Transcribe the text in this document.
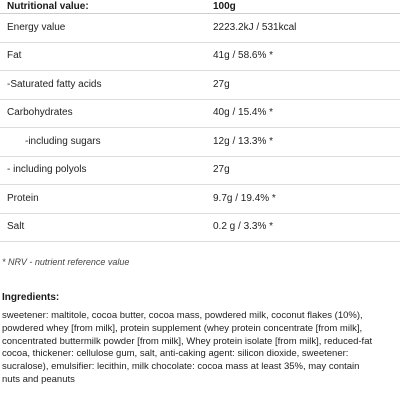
Nutritional value:	100g
Energy value	2223.2kJ / 531kcal
Fat	41g / 58.6% *
-Saturated fatty acids	27g
Carbohydrates	40g / 15.4% *
-including sugars	12g / 13.3% *
- including polyols	27g
Protein	9.7g / 19.4% *
Salt	0.2 g / 3.3% *
* NRV - nutrient reference value
Ingredients:
sweetener: maltitole, cocoa butter, cocoa mass, powdered milk, coconut flakes (10%),
powdered whey [from milk], protein supplement (whey protein concentrate [from milk],
concentrated buttermilk powder [from milk], Whey protein isolate [from milk], reduced-fat
cocoa, thickener: cellulose gum, salt, anti-caking agent: silicon dioxide, sweetener:
sucralose), emulsifier: lecithin, milk chocolate: cocoa mass at least 35%, may contain
nuts and peanuts
